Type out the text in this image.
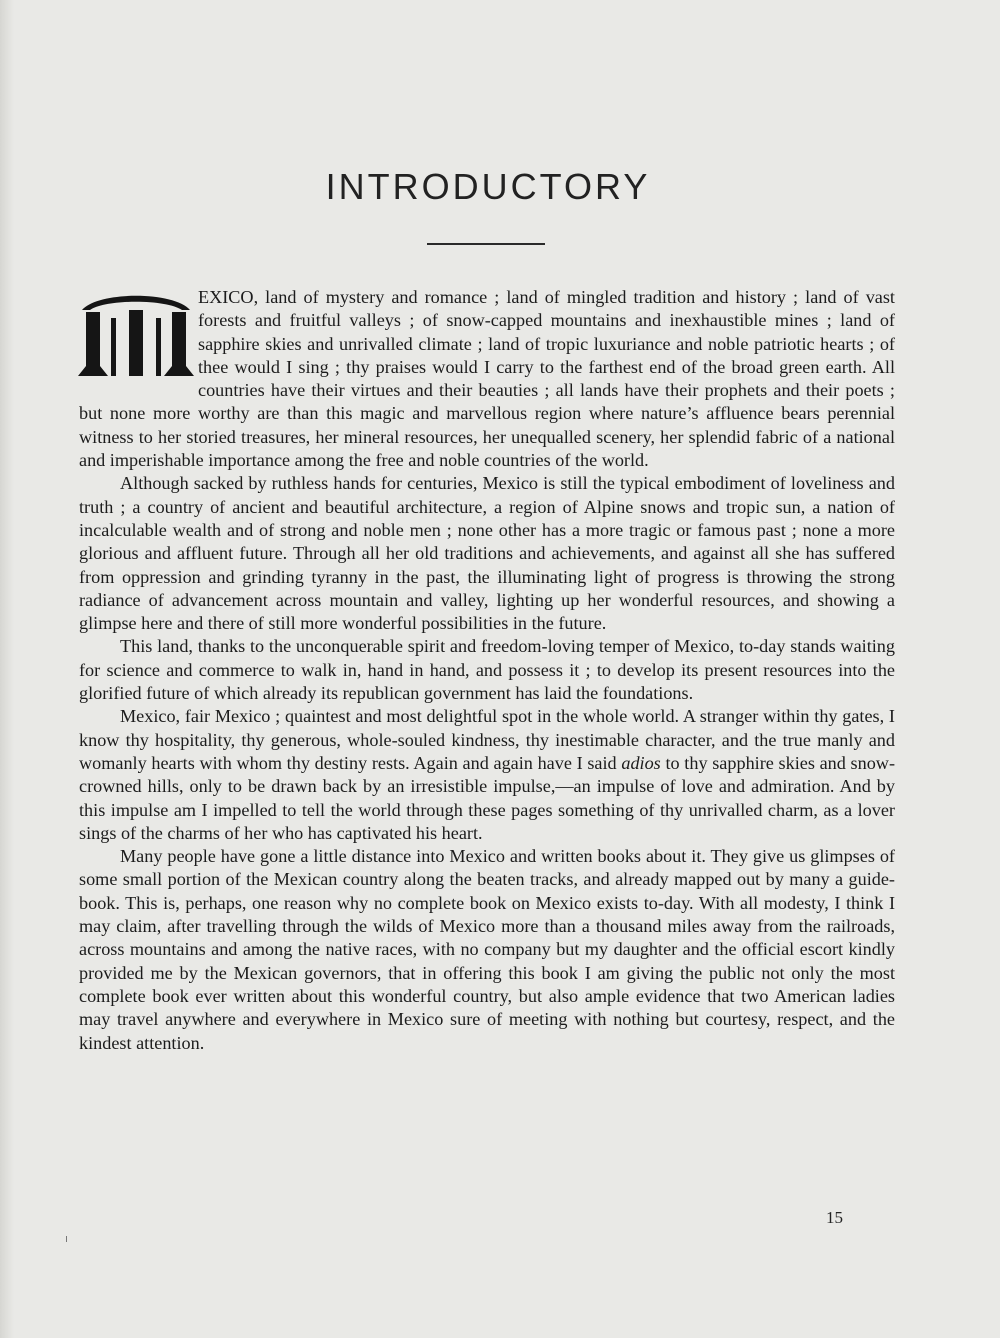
INTRODUCTORY

EXICO, land of mystery and romance ; land of mingled tradition and history ; land of vast forests and fruitful valleys ; of snow-capped mountains and inexhaustible mines ; land of sapphire skies and unrivalled climate ; land of tropic luxuriance and noble patriotic hearts ; of thee would I sing ; thy praises would I carry to the farthest end of the broad green earth. All countries have their virtues and their beauties ; all lands have their prophets and their poets ; but none more worthy are than this magic and marvellous region where nature’s affluence bears perennial witness to her storied treasures, her mineral resources, her unequalled scenery, her splendid fabric of a national and imperishable importance among the free and noble countries of the world.

Although sacked by ruthless hands for centuries, Mexico is still the typical embodiment of loveliness and truth ; a country of ancient and beautiful architecture, a region of Alpine snows and tropic sun, a nation of incalculable wealth and of strong and noble men ; none other has a more tragic or famous past ; none a more glorious and affluent future. Through all her old traditions and achievements, and against all she has suffered from oppression and grinding tyranny in the past, the illuminating light of progress is throwing the strong radiance of advancement across mountain and valley, lighting up her wonderful resources, and showing a glimpse here and there of still more wonderful possibilities in the future.

This land, thanks to the unconquerable spirit and freedom-loving temper of Mexico, to-day stands waiting for science and commerce to walk in, hand in hand, and possess it ; to develop its present resources into the glorified future of which already its republican government has laid the foundations.

Mexico, fair Mexico ; quaintest and most delightful spot in the whole world. A stranger within thy gates, I know thy hospitality, thy generous, whole-souled kindness, thy inestimable character, and the true manly and womanly hearts with whom thy destiny rests. Again and again have I said adios to thy sapphire skies and snow-crowned hills, only to be drawn back by an irresistible impulse,—an impulse of love and admiration. And by this impulse am I impelled to tell the world through these pages something of thy unrivalled charm, as a lover sings of the charms of her who has captivated his heart.

Many people have gone a little distance into Mexico and written books about it. They give us glimpses of some small portion of the Mexican country along the beaten tracks, and already mapped out by many a guide-book. This is, perhaps, one reason why no complete book on Mexico exists to-day. With all modesty, I think I may claim, after travelling through the wilds of Mexico more than a thousand miles away from the railroads, across mountains and among the native races, with no company but my daughter and the official escort kindly provided me by the Mexican governors, that in offering this book I am giving the public not only the most complete book ever written about this wonderful country, but also ample evidence that two American ladies may travel anywhere and everywhere in Mexico sure of meeting with nothing but courtesy, respect, and the kindest attention.

15
